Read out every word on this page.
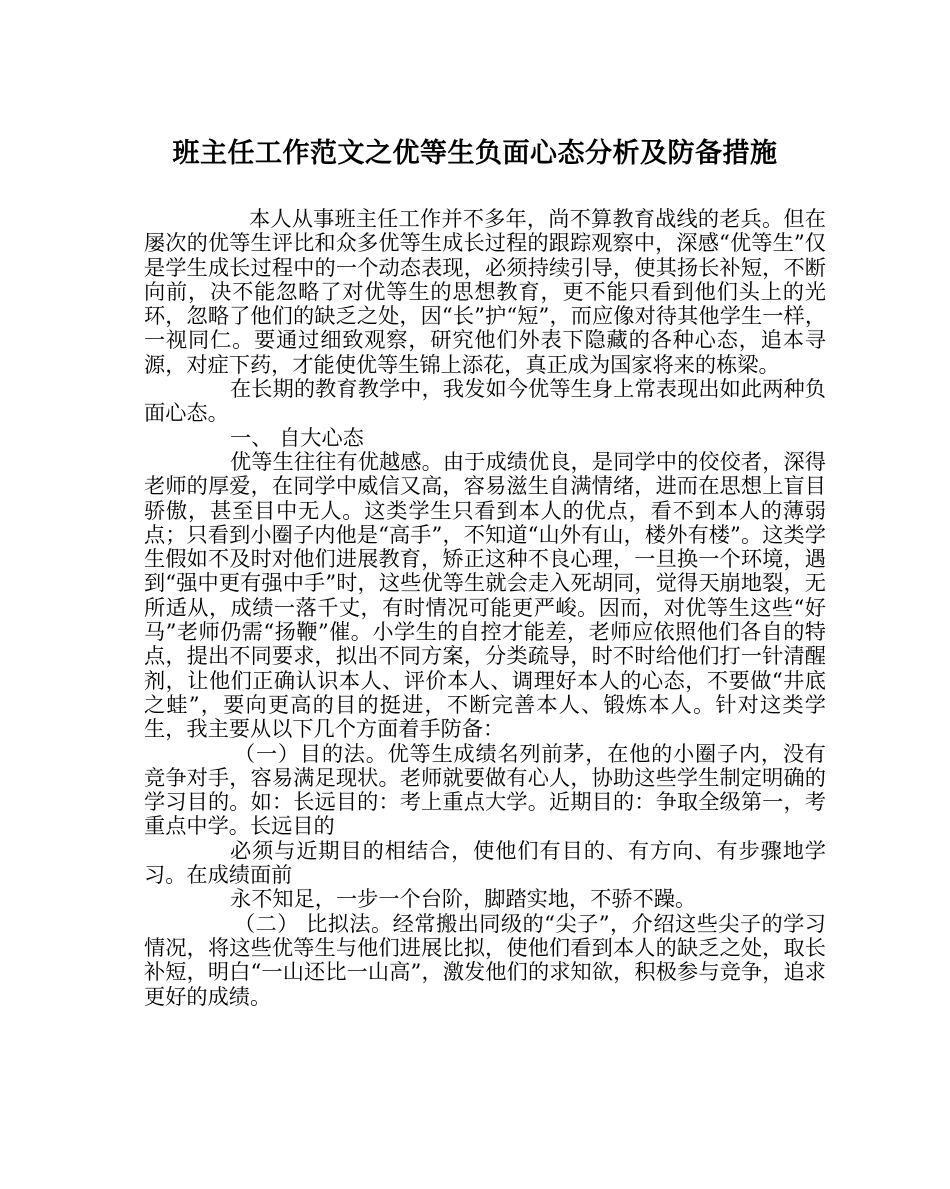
班主任工作范文之优等生负面心态分析及防备措施

本人从事班主任工作并不多年，尚不算教育战线的老兵。但在屡次的优等生评比和众多优等生成长过程的跟踪观察中，深感“优等生”仅是学生成长过程中的一个动态表现，必须持续引导，使其扬长补短，不断向前，决不能忽略了对优等生的思想教育，更不能只看到他们头上的光环，忽略了他们的缺乏之处，因“长”护“短”，而应像对待其他学生一样，一视同仁。要通过细致观察，研究他们外表下隐藏的各种心态，追本寻源，对症下药，才能使优等生锦上添花，真正成为国家将来的栋梁。

在长期的教育教学中，我发如今优等生身上常表现出如此两种负面心态。

一、 自大心态

优等生往往有优越感。由于成绩优良，是同学中的佼佼者，深得老师的厚爱，在同学中威信又高，容易滋生自满情绪，进而在思想上盲目骄傲，甚至目中无人。这类学生只看到本人的优点，看不到本人的薄弱点；只看到小圈子内他是“高手”，不知道“山外有山，楼外有楼”。这类学生假如不及时对他们进展教育，矫正这种不良心理，一旦换一个环境，遇到“强中更有强中手”时，这些优等生就会走入死胡同，觉得天崩地裂，无所适从，成绩一落千丈，有时情况可能更严峻。因而，对优等生这些“好马”老师仍需“扬鞭”催。小学生的自控才能差，老师应依照他们各自的特点，提出不同要求，拟出不同方案，分类疏导，时不时给他们打一针清醒剂，让他们正确认识本人、评价本人、调理好本人的心态，不要做“井底之蛙”，要向更高的目的挺进，不断完善本人、锻炼本人。针对这类学生，我主要从以下几个方面着手防备：

（一）目的法。优等生成绩名列前茅，在他的小圈子内，没有竞争对手，容易满足现状。老师就要做有心人，协助这些学生制定明确的学习目的。如：长远目的：考上重点大学。近期目的：争取全级第一，考重点中学。长远目的

必须与近期目的相结合，使他们有目的、有方向、有步骤地学习。在成绩面前

永不知足，一步一个台阶，脚踏实地，不骄不躁。

（二） 比拟法。经常搬出同级的“尖子”，介绍这些尖子的学习情况，将这些优等生与他们进展比拟，使他们看到本人的缺乏之处，取长补短，明白“一山还比一山高”，激发他们的求知欲，积极参与竞争，追求更好的成绩。
